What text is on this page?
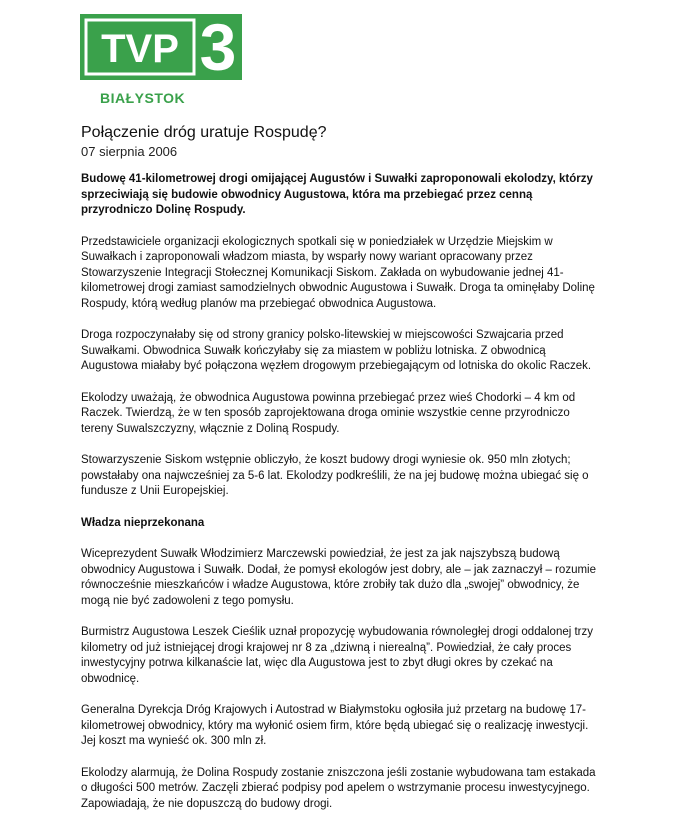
TVP 3
BIAŁYSTOK
Połączenie dróg uratuje Rospudę?
07 sierpnia 2006

Budowę 41-kilometrowej drogi omijającej Augustów i Suwałki zaproponowali ekolodzy, którzy sprzeciwiają się budowie obwodnicy Augustowa, która ma przebiegać przez cenną przyrodniczo Dolinę Rospudy.

Przedstawiciele organizacji ekologicznych spotkali się w poniedziałek w Urzędzie Miejskim w Suwałkach i zaproponowali władzom miasta, by wsparły nowy wariant opracowany przez Stowarzyszenie Integracji Stołecznej Komunikacji Siskom. Zakłada on wybudowanie jednej 41-kilometrowej drogi zamiast samodzielnych obwodnic Augustowa i Suwałk. Droga ta ominęłaby Dolinę Rospudy, którą według planów ma przebiegać obwodnica Augustowa.

Droga rozpoczynałaby się od strony granicy polsko-litewskiej w miejscowości Szwajcaria przed Suwałkami. Obwodnica Suwałk kończyłaby się za miastem w pobliżu lotniska. Z obwodnicą Augustowa miałaby być połączona węzłem drogowym przebiegającym od lotniska do okolic Raczek.

Ekolodzy uważają, że obwodnica Augustowa powinna przebiegać przez wieś Chodorki – 4 km od Raczek. Twierdzą, że w ten sposób zaprojektowana droga ominie wszystkie cenne przyrodniczo tereny Suwalszczyzny, włącznie z Doliną Rospudy.

Stowarzyszenie Siskom wstępnie obliczyło, że koszt budowy drogi wyniesie ok. 950 mln złotych; powstałaby ona najwcześniej za 5-6 lat. Ekolodzy podkreślili, że na jej budowę można ubiegać się o fundusze z Unii Europejskiej.

Władza nieprzekonana

Wiceprezydent Suwałk Włodzimierz Marczewski powiedział, że jest za jak najszybszą budową obwodnicy Augustowa i Suwałk. Dodał, że pomysł ekologów jest dobry, ale – jak zaznaczył – rozumie równocześnie mieszkańców i władze Augustowa, które zrobiły tak dużo dla „swojej” obwodnicy, że mogą nie być zadowoleni z tego pomysłu.

Burmistrz Augustowa Leszek Cieślik uznał propozycję wybudowania równoległej drogi oddalonej trzy kilometry od już istniejącej drogi krajowej nr 8 za „dziwną i nierealną”. Powiedział, że cały proces inwestycyjny potrwa kilkanaście lat, więc dla Augustowa jest to zbyt długi okres by czekać na obwodnicę.

Generalna Dyrekcja Dróg Krajowych i Autostrad w Białymstoku ogłosiła już przetarg na budowę 17-kilometrowej obwodnicy, który ma wyłonić osiem firm, które będą ubiegać się o realizację inwestycji. Jej koszt ma wynieść ok. 300 mln zł.

Ekolodzy alarmują, że Dolina Rospudy zostanie zniszczona jeśli zostanie wybudowana tam estakada o długości 500 metrów. Zaczęli zbierać podpisy pod apelem o wstrzymanie procesu inwestycyjnego. Zapowiadają, że nie dopuszczą do budowy drogi.
